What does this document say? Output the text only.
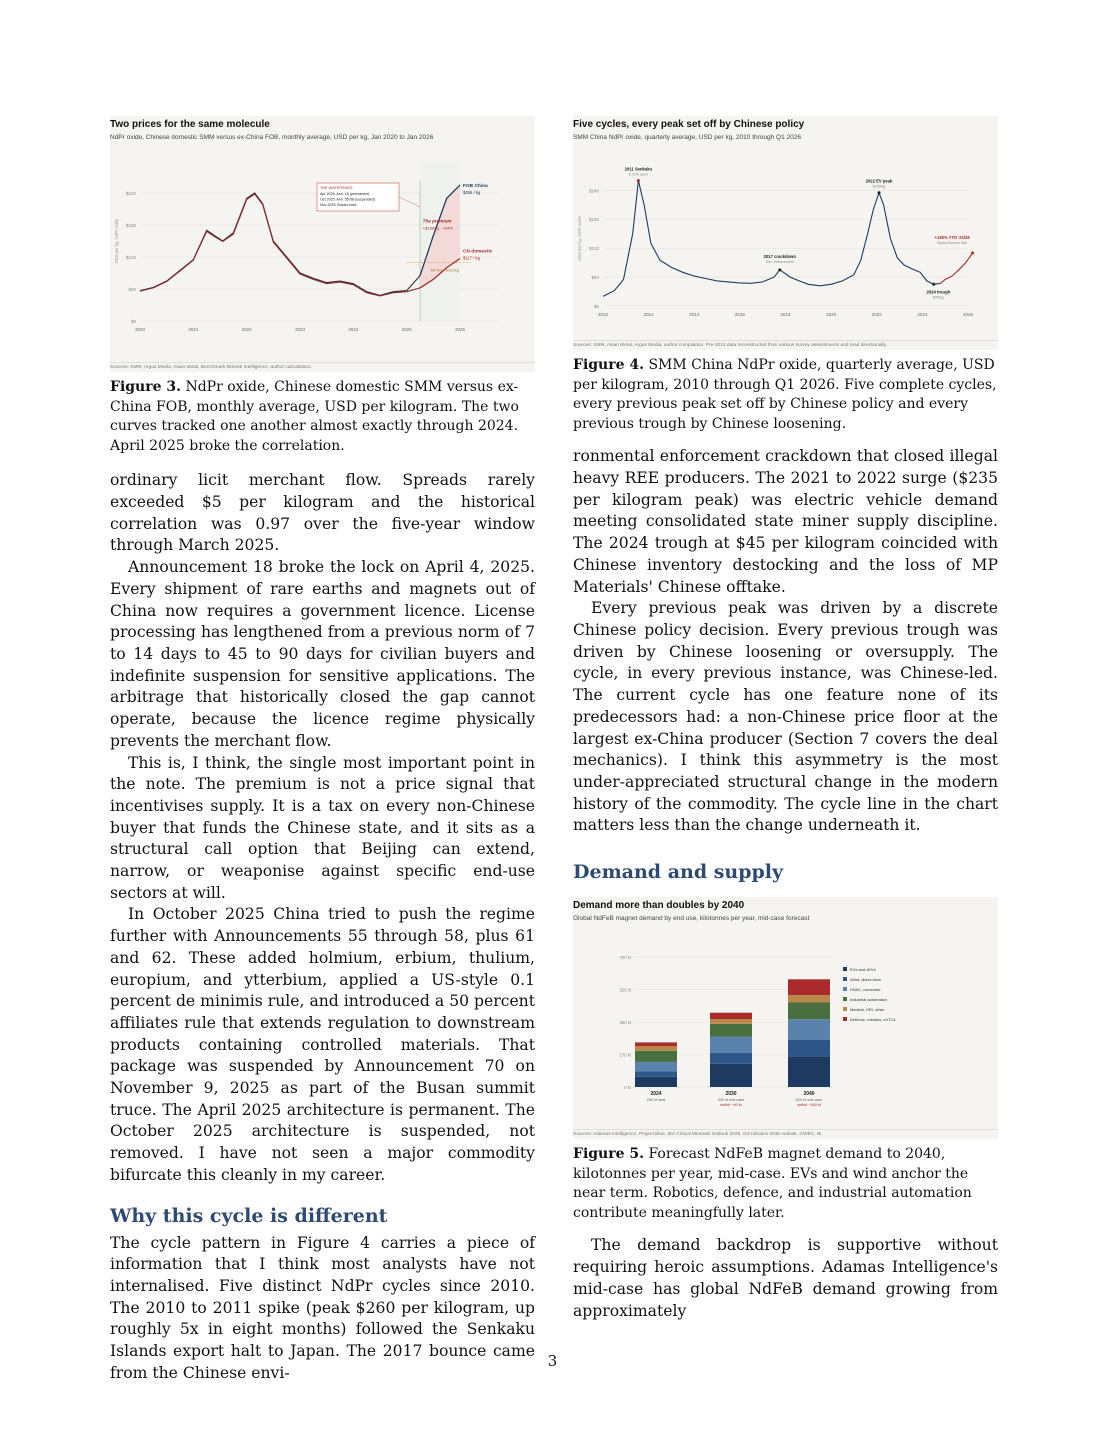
Two prices for the same molecule
NdPr oxide, Chinese domestic SMM versus ex-China FOB, monthly average, USD per kg, Jan 2020 to Jan 2026
$0
$60
$120
$180
$240
2020	2021	2022	2023	2024	2025	2026
USD per kg, NdPr oxide
MP floor $110/kg
FOB China
$255 / kg
CN domestic
$117 / kg
The premium
+$138/kg · +84%
THE WATERSHED
Apr 2025: Ann. 18 (permanent)
Oct 2025: Ann. 55-58 (suspended)
Nov 2025: Busan truce
Sources: SMM, Argus Media, Asian Metal, Benchmark Mineral Intelligence, author calculations.
Figure 3. NdPr oxide, Chinese domestic SMM versus ex-China FOB, monthly average, USD per kilogram. The two curves tracked one another almost exactly through 2024. April 2025 broke the correlation.

ordinary licit merchant flow. Spreads rarely exceeded $5 per kilogram and the historical correlation was 0.97 over the five-year window through March 2025.

Announcement 18 broke the lock on April 4, 2025. Every shipment of rare earths and magnets out of China now requires a government licence. License processing has lengthened from a previous norm of 7 to 14 days to 45 to 90 days for civilian buyers and indefinite suspension for sensitive applications. The arbitrage that historically closed the gap cannot operate, because the licence regime physically prevents the merchant flow.

This is, I think, the single most important point in the note. The premium is not a price signal that incentivises supply. It is a tax on every non-Chinese buyer that funds the Chinese state, and it sits as a structural call option that Beijing can extend, narrow, or weaponise against specific end-use sectors at will.

In October 2025 China tried to push the regime further with Announcements 55 through 58, plus 61 and 62. These added holmium, erbium, thulium, europium, and ytterbium, applied a US-style 0.1 percent de minimis rule, and introduced a 50 percent affiliates rule that extends regulation to downstream products containing controlled materials. That package was suspended by Announcement 70 on November 9, 2025 as part of the Busan summit truce. The April 2025 architecture is permanent. The October 2025 architecture is suspended, not removed. I have not seen a major commodity bifurcate this cleanly in my career.

Why this cycle is different

The cycle pattern in Figure 4 carries a piece of information that I think most analysts have not internalised. Five distinct NdPr cycles since 2010. The 2010 to 2011 spike (peak $260 per kilogram, up roughly 5x in eight months) followed the Senkaku Islands export halt to Japan. The 2017 bounce came from the Chinese envi-

Five cycles, every peak set off by Chinese policy
SMM China NdPr oxide, quarterly average, USD per kg, 2010 through Q1 2026
$0
$60
$120
$180
$240
2010	2012	2014	2016	2018	2020	2022	2024	2026
USD per kg, NdPr oxide
2011 Senkaku
$ Jxxb apex
2017 crackdown
Env. enforcement
2022 EV peak
$235/kg
2024 trough
$45/kg
+138% YTD '25/26
Export licence bite
Sources: SMM, Asian Metal, Argus Media, author compilation. Pre-2014 data reconstructed from various survey assessments and read directionally.
Figure 4. SMM China NdPr oxide, quarterly average, USD per kilogram, 2010 through Q1 2026. Five complete cycles, every previous peak set off by Chinese policy and every previous trough by Chinese loosening.

ronmental enforcement crackdown that closed illegal heavy REE producers. The 2021 to 2022 surge ($235 per kilogram peak) was electric vehicle demand meeting consolidated state miner supply discipline. The 2024 trough at $45 per kilogram coincided with Chinese inventory destocking and the loss of MP Materials' Chinese offtake.

Every previous peak was driven by a discrete Chinese policy decision. Every previous trough was driven by Chinese loosening or oversupply. The cycle, in every previous instance, was Chinese-led. The current cycle has one feature none of its predecessors had: a non-Chinese price floor at the largest ex-China producer (Section 7 covers the deal mechanics). I think this asymmetry is the most under-appreciated structural change in the modern history of the commodity. The cycle line in the chart matters less than the change underneath it.

Demand and supply
Demand more than doubles by 2040
Global NdFeB magnet demand by end use, kilotonnes per year, mid-case forecast
0 kt
175 kt
350 kt
525 kt
700 kt
2024
259 kt total
2030
400 kt mid-case
deficit ~60 kt
2040
620 kt mid-case
deficit ~160 kt
EVs and xEVs
Wind, direct-drive
HVAC, consumer
Industrial automation
Medical, HRI, other
Defence, robotics, eVTOL
Sources: Adamas Intelligence, Project Blue, IEA Critical Minerals Outlook 2025, GS robotics 2035 outlook, GWEC, BI.
Figure 5. Forecast NdFeB magnet demand to 2040, kilotonnes per year, mid-case. EVs and wind anchor the near term. Robotics, defence, and industrial automation contribute meaningfully later.

The demand backdrop is supportive without requiring heroic assumptions. Adamas Intelligence's mid-case has global NdFeB demand growing from approximately

3
